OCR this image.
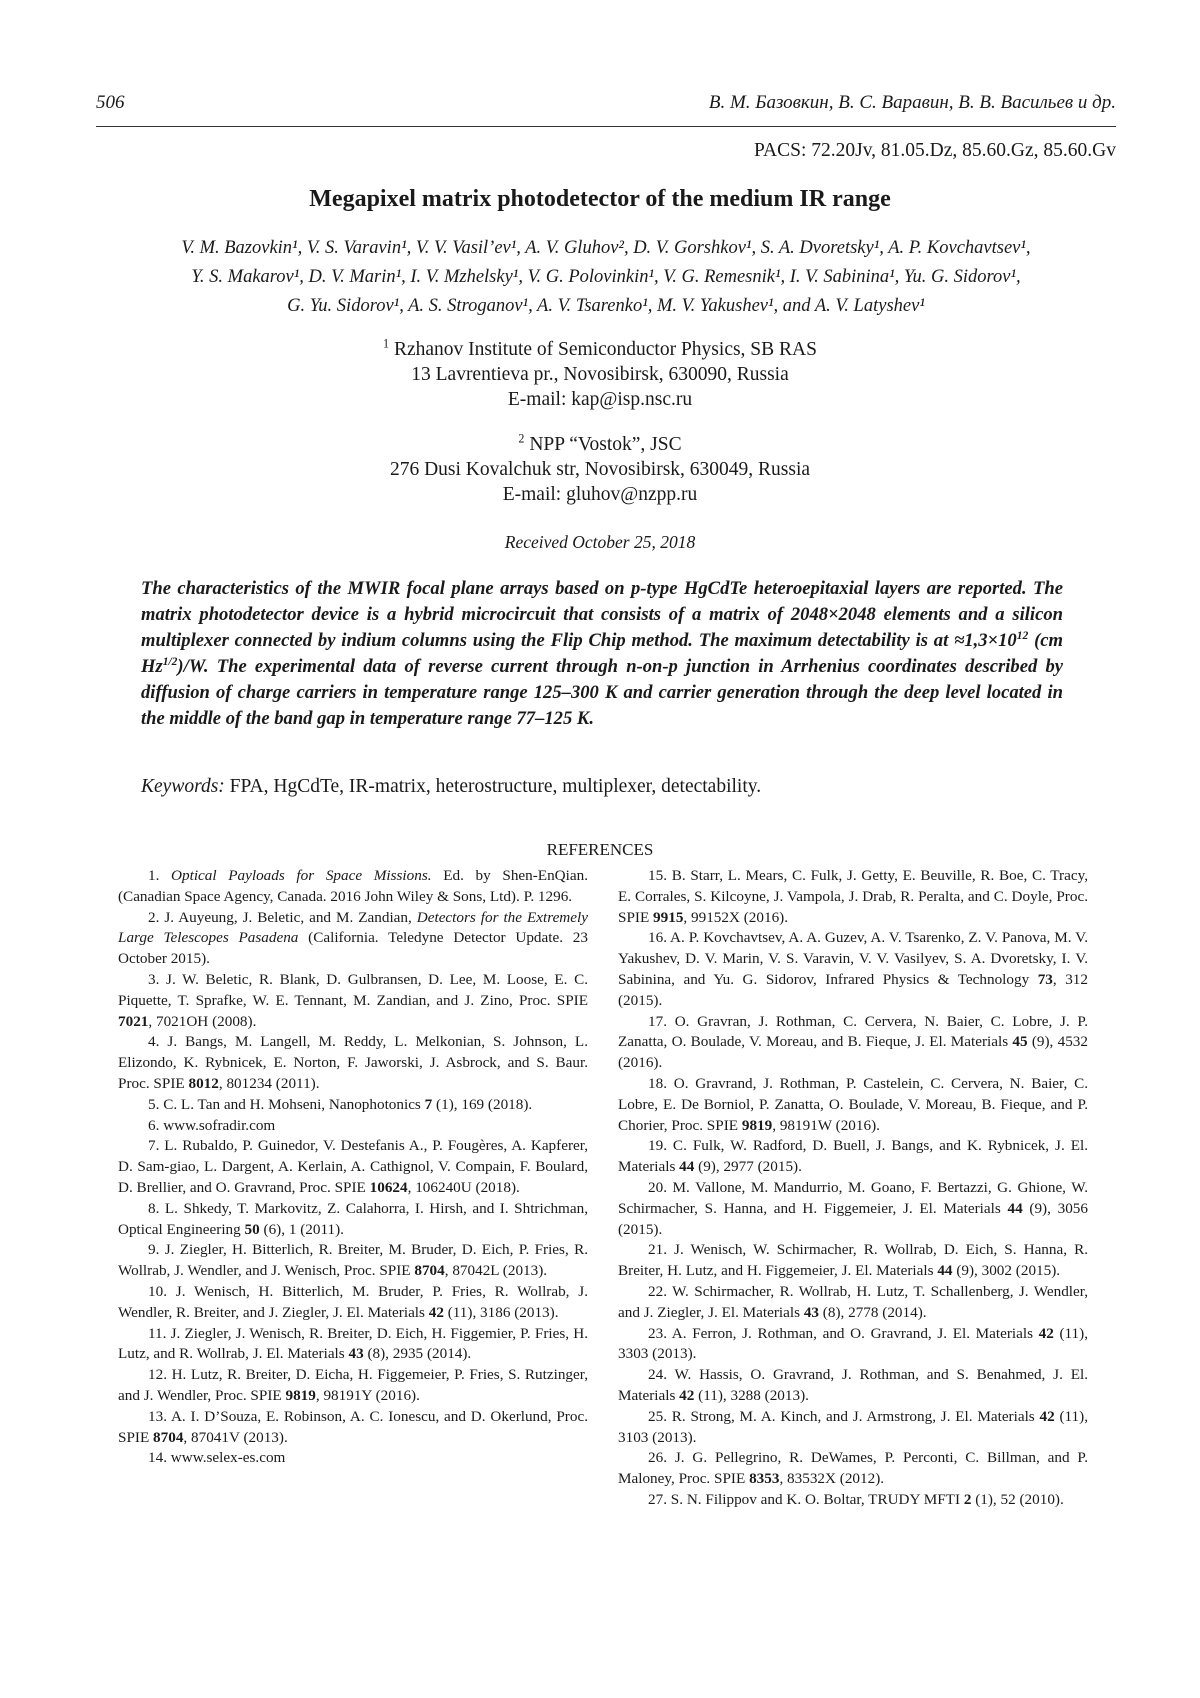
506	В. М. Базовкин, В. С. Варавин, В. В. Васильев и др.
PACS: 72.20Jv, 81.05.Dz, 85.60.Gz, 85.60.Gv
Megapixel matrix photodetector of the medium IR range

V. M. Bazovkin¹, V. S. Varavin¹, V. V. Vasil’ev¹, A. V. Gluhov², D. V. Gorshkov¹, S. A. Dvoretsky¹, A. P. Kovchavtsev¹,

Y. S. Makarov¹, D. V. Marin¹, I. V. Mzhelsky¹, V. G. Polovinkin¹, V. G. Remesnik¹, I. V. Sabinina¹, Yu. G. Sidorov¹,

G. Yu. Sidorov¹, A. S. Stroganov¹, A. V. Tsarenko¹, M. V. Yakushev¹, and A. V. Latyshev¹

1 Rzhanov Institute of Semiconductor Physics, SB RAS

13 Lavrentieva pr., Novosibirsk, 630090, Russia

E-mail: kap@isp.nsc.ru

2 NPP “Vostok”, JSC

276 Dusi Kovalchuk str, Novosibirsk, 630049, Russia

E-mail: gluhov@nzpp.ru

Received October 25, 2018

The characteristics of the MWIR focal plane arrays based on p-type HgCdTe heteroepitaxial layers are reported. The matrix photodetector device is a hybrid microcircuit that consists of a matrix of 2048×2048 elements and a silicon multiplexer connected by indium columns using the Flip Chip method. The maximum detectability is at ≈1,3×1012 (cm Hz1/2)/W. The experimental data of reverse current through n-on-p junction in Arrhenius coordinates described by diffusion of charge carriers in temperature range 125–300 K and carrier generation through the deep level located in the middle of the band gap in temperature range 77–125 K.

Keywords: FPA, HgCdTe, IR-matrix, heterostructure, multiplexer, detectability.
REFERENCES

1. Optical Payloads for Space Missions. Ed. by Shen-EnQian. (Canadian Space Agency, Canada. 2016 John Wiley & Sons, Ltd). P. 1296.

2. J. Auyeung, J. Beletic, and M. Zandian, Detectors for the Extremely Large Telescopes Pasadena (California. Teledyne Detector Update. 23 October 2015).

3. J. W. Beletic, R. Blank, D. Gulbransen, D. Lee, M. Loose, E. C. Piquette, T. Sprafke, W. E. Tennant, M. Zandian, and J. Zino, Proc. SPIE 7021, 7021OH (2008).

4. J. Bangs, M. Langell, M. Reddy, L. Melkonian, S. Johnson, L. Elizondo, K. Rybnicek, E. Norton, F. Jaworski, J. Asbrock, and S. Baur. Proc. SPIE 8012, 801234 (2011).

5. C. L. Tan and H. Mohseni, Nanophotonics 7 (1), 169 (2018).

6. www.sofradir.com

7. L. Rubaldo, P. Guinedor, V. Destefanis A., P. Fougères, A. Kapferer, D. Sam-giao, L. Dargent, A. Kerlain, A. Cathignol, V. Compain, F. Boulard, D. Brellier, and O. Gravrand, Proc. SPIE 10624, 106240U (2018).

8. L. Shkedy, T. Markovitz, Z. Calahorra, I. Hirsh, and I. Shtrichman, Optical Engineering 50 (6), 1 (2011).

9. J. Ziegler, H. Bitterlich, R. Breiter, M. Bruder, D. Eich, P. Fries, R. Wollrab, J. Wendler, and J. Wenisch, Proc. SPIE 8704, 87042L (2013).

10. J. Wenisch, H. Bitterlich, M. Bruder, P. Fries, R. Wollrab, J. Wendler, R. Breiter, and J. Ziegler, J. El. Materials 42 (11), 3186 (2013).

11. J. Ziegler, J. Wenisch, R. Breiter, D. Eich, H. Figgemier, P. Fries, H. Lutz, and R. Wollrab, J. El. Materials 43 (8), 2935 (2014).

12. H. Lutz, R. Breiter, D. Eicha, H. Figgemeier, P. Fries, S. Rutzinger, and J. Wendler, Proc. SPIE 9819, 98191Y (2016).

13. A. I. D’Souza, E. Robinson, A. C. Ionescu, and D. Okerlund, Proc. SPIE 8704, 87041V (2013).

14. www.selex-es.com

15. B. Starr, L. Mears, C. Fulk, J. Getty, E. Beuville, R. Boe, C. Tracy, E. Corrales, S. Kilcoyne, J. Vampola, J. Drab, R. Peralta, and C. Doyle, Proc. SPIE 9915, 99152X (2016).

16. A. P. Kovchavtsev, A. A. Guzev, A. V. Tsarenko, Z. V. Panova, M. V. Yakushev, D. V. Marin, V. S. Varavin, V. V. Vasilyev, S. A. Dvoretsky, I. V. Sabinina, and Yu. G. Sidorov, Infrared Physics & Technology 73, 312 (2015).

17. O. Gravran, J. Rothman, C. Cervera, N. Baier, C. Lobre, J. P. Zanatta, O. Boulade, V. Moreau, and B. Fieque, J. El. Materials 45 (9), 4532 (2016).

18. O. Gravrand, J. Rothman, P. Castelein, C. Cervera, N. Baier, C. Lobre, E. De Borniol, P. Zanatta, O. Boulade, V. Moreau, B. Fieque, and P. Chorier, Proc. SPIE 9819, 98191W (2016).

19. C. Fulk, W. Radford, D. Buell, J. Bangs, and K. Rybnicek, J. El. Materials 44 (9), 2977 (2015).

20. M. Vallone, M. Mandurrio, M. Goano, F. Bertazzi, G. Ghione, W. Schirmacher, S. Hanna, and H. Figgemeier, J. El. Materials 44 (9), 3056 (2015).

21. J. Wenisch, W. Schirmacher, R. Wollrab, D. Eich, S. Hanna, R. Breiter, H. Lutz, and H. Figgemeier, J. El. Materials 44 (9), 3002 (2015).

22. W. Schirmacher, R. Wollrab, H. Lutz, T. Schallenberg, J. Wendler, and J. Ziegler, J. El. Materials 43 (8), 2778 (2014).

23. A. Ferron, J. Rothman, and O. Gravrand, J. El. Materials 42 (11), 3303 (2013).

24. W. Hassis, O. Gravrand, J. Rothman, and S. Benahmed, J. El. Materials 42 (11), 3288 (2013).

25. R. Strong, M. A. Kinch, and J. Armstrong, J. El. Materials 42 (11), 3103 (2013).

26. J. G. Pellegrino, R. DeWames, P. Perconti, C. Billman, and P. Maloney, Proc. SPIE 8353, 83532X (2012).

27. S. N. Filippov and K. O. Boltar, TRUDY MFTI 2 (1), 52 (2010).
